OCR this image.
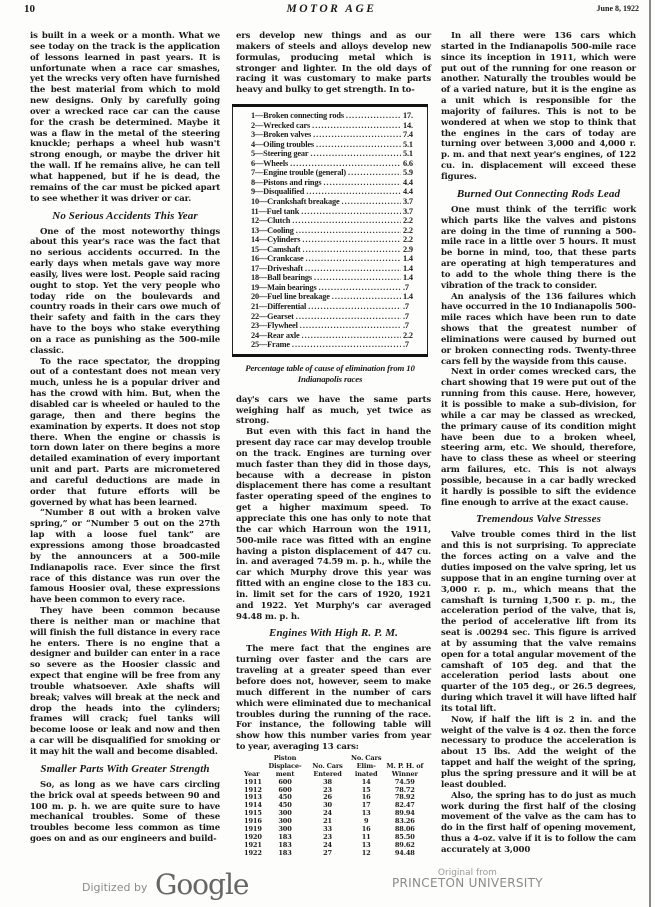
10	MOTOR AGE	June 8, 1922

is built in a week or a month. What we see today on the track is the application of lessons learned in past years. It is unfortunate when a race car smashes, yet the wrecks very often have furnished the best material from which to mold new designs. Only by carefully going over a wrecked race car can the cause for the crash be determined. Maybe it was a flaw in the metal of the steering knuckle; perhaps a wheel hub wasn't strong enough, or maybe the driver hit the wall. If he remains alive, he can tell what happened, but if he is dead, the remains of the car must be picked apart to see whether it was driver or car.

No Serious Accidents This Year

One of the most noteworthy things about this year's race was the fact that no serious accidents occurred. In the early days when metals gave way more easily, lives were lost. People said racing ought to stop. Yet the very people who today ride on the boulevards and country roads in their cars owe much of their safety and faith in the cars they have to the boys who stake everything on a race as punishing as the 500-mile classic.

To the race spectator, the dropping out of a contestant does not mean very much, unless he is a popular driver and has the crowd with him. But, when the disabled car is wheeled or hauled to the garage, then and there begins the examination by experts. It does not stop there. When the engine or chassis is torn down later on there begins a more detailed examination of every important unit and part. Parts are micrometered and careful deductions are made in order that future efforts will be governed by what has been learned.

“Number 8 out with a broken valve spring,” or “Number 5 out on the 27th lap with a loose fuel tank” are expressions among those broadcasted by the announcers at a 500-mile Indianapolis race. Ever since the first race of this distance was run over the famous Hoosier oval, these expressions have been common to every race.

They have been common because there is neither man or machine that will finish the full distance in every race he enters. There is no engine that a designer and builder can enter in a race so severe as the Hoosier classic and expect that engine will be free from any trouble whatsoever. Axle shafts will break; valves will break at the neck and drop the heads into the cylinders; frames will crack; fuel tanks will become loose or leak and now and then a car will be disqualified for smoking or it may hit the wall and become disabled.

Smaller Parts With Greater Strength

So, as long as we have cars circling the brick oval at speeds between 90 and 100 m. p. h. we are quite sure to have mechanical troubles. Some of these troubles become less common as time goes on and as our engineers and build-

ers develop new things and as our makers of steels and alloys develop new formulas, producing metal which is stronger and lighter. In the old days of racing it was customary to make parts heavy and bulky to get strength. In to-

1—Broken connecting rods .....	17.
2—Wrecked cars .....	14.
3—Broken valves .....	7.4
4—Oiling troubles .....	5.1
5—Steering gear .....	5.1
6—Wheels .....	6.6
7—Engine trouble (general) .....	5.9
8—Pistons and rings .....	4.4
9—Disqualified .....	4.4
10—Crankshaft breakage .....	3.7
11—Fuel tank .....	3.7
12—Clutch .....	2.2
13—Cooling .....	2.2
14—Cylinders .....	2.2
15—Camshaft .....	2.9
16—Crankcase .....	1.4
17—Driveshaft .....	1.4
18—Ball bearings .....	1.4
19—Main bearings .....	.7
20—Fuel line breakage .....	1.4
21—Differential .....	.7
22—Gearset .....	.7
23—Flywheel .....	.7
24—Rear axle .....	2.2
25—Frame .....	.7
Percentage table of cause of elimination from 10 Indianapolis races

day's cars we have the same parts weighing half as much, yet twice as strong.

But even with this fact in hand the present day race car may develop trouble on the track. Engines are turning over much faster than they did in those days, because with a decrease in piston displacement there has come a resultant faster operating speed of the engines to get a higher maximum speed. To appreciate this one has only to note that the car which Harroun won the 1911, 500-mile race was fitted with an engine having a piston displacement of 447 cu. in. and averaged 74.59 m. p. h., while the car which Murphy drove this year was fitted with an engine close to the 183 cu. in. limit set for the cars of 1920, 1921 and 1922. Yet Murphy's car averaged 94.48 m. p. h.

Engines With High R. P. M.

The mere fact that the engines are turning over faster and the cars are traveling at a greater speed than ever before does not, however, seem to make much different in the number of cars which were eliminated due to mechanical troubles during the running of the race. For instance, the following table will show how this number varies from year to year, averaging 13 cars:

Year	Piston Displace-ment	No. Cars Entered	No. Cars Elim-inated	M. P. H. of Winner
1911	600	38	14	74.59
1912	600	23	15	78.72
1913	450	26	16	78.92
1914	450	30	17	82.47
1915	300	24	13	89.94
1916	300	21	9	83.26
1919	300	33	16	88.06
1920	183	23	11	85.50
1921	183	24	13	89.62
1922	183	27	12	94.48

In all there were 136 cars which started in the Indianapolis 500-mile race since its inception in 1911, which were put out of the running for one reason or another. Naturally the troubles would be of a varied nature, but it is the engine as a unit which is responsible for the majority of failures. This is not to be wondered at when we stop to think that the engines in the cars of today are turning over between 3,000 and 4,000 r. p. m. and that next year's engines, of 122 cu. in. displacement will exceed these figures.

Burned Out Connecting Rods Lead

One must think of the terrific work which parts like the valves and pistons are doing in the time of running a 500-mile race in a little over 5 hours. It must be borne in mind, too, that these parts are operating at high temperatures and to add to the whole thing there is the vibration of the track to consider.

An analysis of the 136 failures which have occurred in the 10 Indianapolis 500-mile races which have been run to date shows that the greatest number of eliminations were caused by burned out or broken connecting rods. Twenty-three cars fell by the wayside from this cause.

Next in order comes wrecked cars, the chart showing that 19 were put out of the running from this cause. Here, however, it is possible to make a sub-division, for while a car may be classed as wrecked, the primary cause of its condition might have been due to a broken wheel, steering arm, etc. We should, therefore, have to class these as wheel or steering arm failures, etc. This is not always possible, because in a car badly wrecked it hardly is possible to sift the evidence fine enough to arrive at the exact cause.

Tremendous Valve Stresses

Valve trouble comes third in the list and this is not surprising. To appreciate the forces acting on a valve and the duties imposed on the valve spring, let us suppose that in an engine turning over at 3,000 r. p. m., which means that the camshaft is turning 1,500 r. p. m., the acceleration period of the valve, that is, the period of accelerative lift from its seat is .00294 sec. This figure is arrived at by assuming that the valve remains open for a total angular movement of the camshaft of 105 deg. and that the acceleration period lasts about one quarter of the 105 deg., or 26.5 degrees, during which travel it will have lifted half its total lift.

Now, if half the lift is 2 in. and the weight of the valve is 4 oz. then the force necessary to produce the acceleration is about 15 lbs. Add the weight of the tappet and half the weight of the spring, plus the spring pressure and it will be at least doubled.

Also, the spring has to do just as much work during the first half of the closing movement of the valve as the cam has to do in the first half of opening movement, thus a 4-oz. valve if it is to follow the cam accurately at 3,000

Digitized by Google	Original from
PRINCETON UNIVERSITY
